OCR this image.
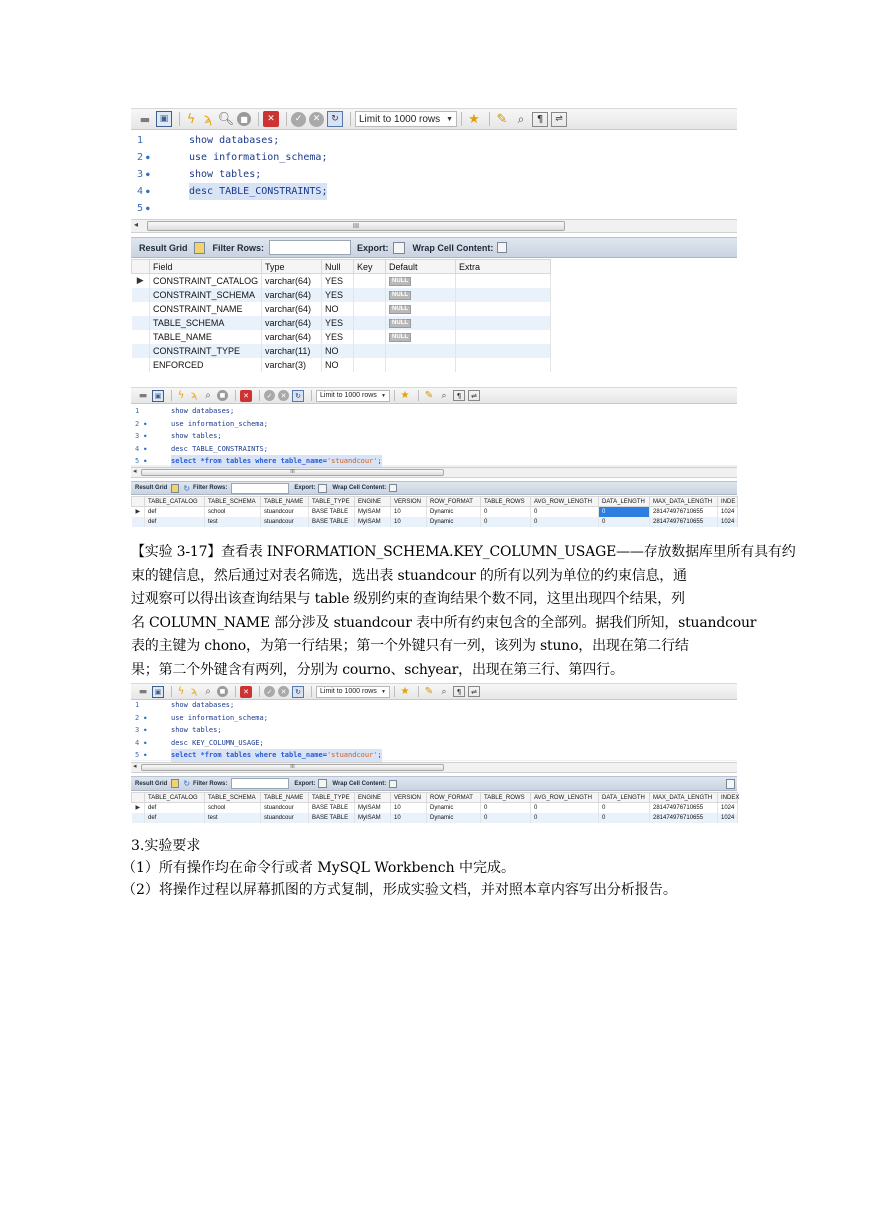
▬	▣ ϟ ϡ 🔍︎ ■	✕	✓	✕	↻	Limit to 1000 rows ▼ ★ ✎ ⌕	¶	⇌
1	show databases;
2 ●	use information_schema;
3 ●	show tables;
4 ●	desc TABLE_CONSTRAINTS;
5 ●
◂	III
Result Grid	Filter Rows:	Export:	Wrap Cell Content:
	Field	Type	Null	Key	Default	Extra
▶	CONSTRAINT_CATALOG	varchar(64)	YES		NULL	
	CONSTRAINT_SCHEMA	varchar(64)	YES		NULL	
	CONSTRAINT_NAME	varchar(64)	NO		NULL	
	TABLE_SCHEMA	varchar(64)	YES		NULL	
	TABLE_NAME	varchar(64)	YES		NULL	
	CONSTRAINT_TYPE	varchar(11)	NO			
	ENFORCED	varchar(3)	NO			
▬	▣ ϟ ϡ ⌕	■	✕	✓	✕	↻	Limit to 1000 rows ▼ ★ ✎ ⌕	¶	⇌
1	show databases;
2 ●	use information_schema;
3 ●	show tables;
4 ●	desc TABLE_CONSTRAINTS;
5 ●	select *from tables where table_name='stuandcour';
◂	III
Result Grid ↻ Filter Rows:	Export:	Wrap Cell Content:
	TABLE_CATALOG	TABLE_SCHEMA	TABLE_NAME	TABLE_TYPE	ENGINE	VERSION	ROW_FORMAT	TABLE_ROWS	AVG_ROW_LENGTH	DATA_LENGTH	MAX_DATA_LENGTH	INDE
▶	def	school	stuandcour	BASE TABLE	MyISAM	10	Dynamic	0	0	0	281474976710655	1024
	def	test	stuandcour	BASE TABLE	MyISAM	10	Dynamic	0	0	0	281474976710655	1024
【实验 3-17】查看表 INFORMATION_SCHEMA.KEY_COLUMN_USAGE——存放数据库里所有具有约
束的键信息，然后通过对表名筛选，选出表 stuandcour 的所有以列为单位的约束信息，通
过观察可以得出该查询结果与 table 级别约束的查询结果个数不同，这里出现四个结果，列
名 COLUMN_NAME 部分涉及 stuandcour 表中所有约束包含的全部列。据我们所知，stuandcour
表的主键为 chono，为第一行结果；第一个外键只有一列，该列为 stuno，出现在第二行结
果；第二个外键含有两列，分别为 courno、schyear，出现在第三行、第四行。
▬	▣ ϟ ϡ ⌕	■	✕	✓	✕	↻	Limit to 1000 rows ▼ ★ ✎ ⌕	¶	⇌
1	show databases;
2 ●	use information_schema;
3 ●	show tables;
4 ●	desc KEY_COLUMN_USAGE;
5 ●	select *from tables where table_name='stuandcour';
◂	III
Result Grid ↻ Filter Rows:	Export:	Wrap Cell Content:
	TABLE_CATALOG	TABLE_SCHEMA	TABLE_NAME	TABLE_TYPE	ENGINE	VERSION	ROW_FORMAT	TABLE_ROWS	AVG_ROW_LENGTH	DATA_LENGTH	MAX_DATA_LENGTH	INDEX
▶	def	school	stuandcour	BASE TABLE	MyISAM	10	Dynamic	0	0	0	281474976710655	1024
	def	test	stuandcour	BASE TABLE	MyISAM	10	Dynamic	0	0	0	281474976710655	1024
3.实验要求
（1）所有操作均在命令行或者 MySQL Workbench 中完成。
（2）将操作过程以屏幕抓图的方式复制，形成实验文档，并对照本章内容写出分析报告。
